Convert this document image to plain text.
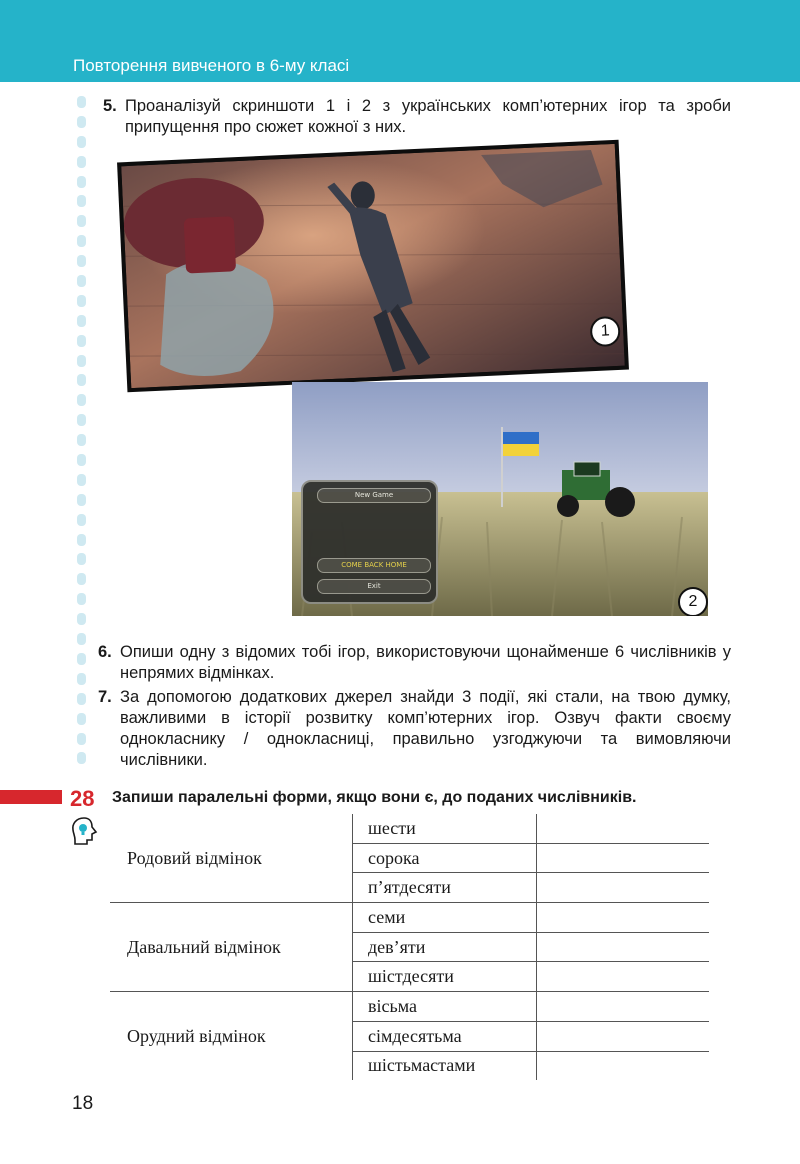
Повторення вивченого в 6-му класі
5. Проаналізуй скриншоти 1 і 2 з українських комп’ютерних ігор та зроби припущення про сюжет кожної з них.
1
New Game
COME BACK HOME
Exit
2
6. Опиши одну з відомих тобі ігор, використовуючи щонайменше 6 числівників у непрямих відмінках.
7. За допомогою додаткових джерел знайди 3 події, які стали, на твою думку, важливими в історії розвитку комп’ютерних ігор. Озвуч факти своєму однокласнику / однокласниці, правильно узгоджуючи та вимовляючи числівники.
28 Запиши паралельні форми, якщо вони є, до поданих числівників.
Родовий відмінок	шести	
	сорока	
	п’ятдесяти	
Давальний відмінок	семи	
	дев’яти	
	шістдесяти	
Орудний відмінок	вісьма	
	сімдесятьма	
	шістьмастами	
18
